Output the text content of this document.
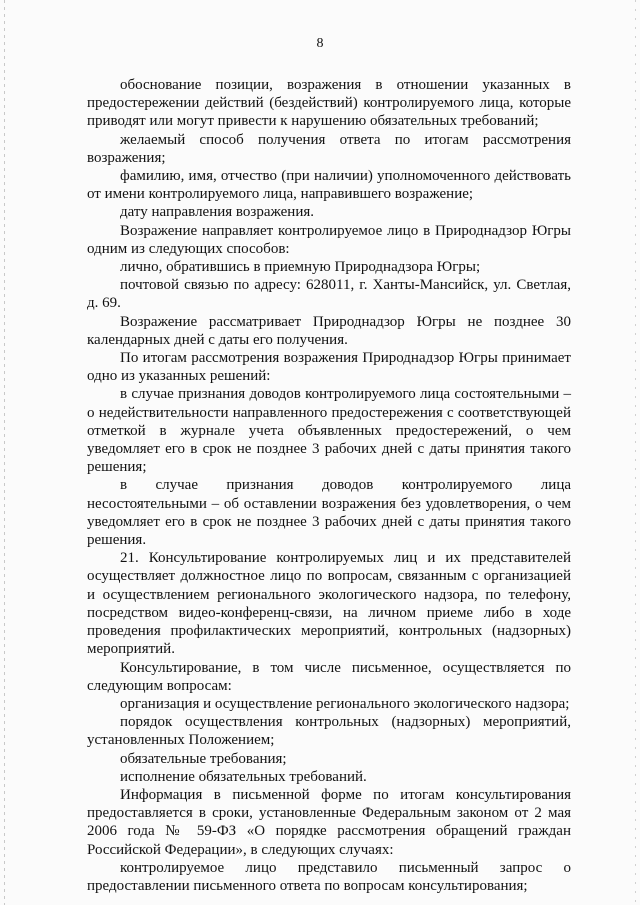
8

обоснование позиции, возражения в отношении указанных в предостережении действий (бездействий) контролируемого лица, которые приводят или могут привести к нарушению обязательных требований;

желаемый способ получения ответа по итогам рассмотрения возражения;

фамилию, имя, отчество (при наличии) уполномоченного действовать от имени контролируемого лица, направившего возражение;

дату направления возражения.

Возражение направляет контролируемое лицо в Природнадзор Югры одним из следующих способов:

лично, обратившись в приемную Природнадзора Югры;

почтовой связью по адресу: 628011, г. Ханты-Мансийск, ул. Светлая, д. 69.

Возражение рассматривает Природнадзор Югры не позднее 30 календарных дней с даты его получения.

По итогам рассмотрения возражения Природнадзор Югры принимает одно из указанных решений:

в случае признания доводов контролируемого лица состоятельными – о недействительности направленного предостережения с соответствующей отметкой в журнале учета объявленных предостережений, о чем уведомляет его в срок не позднее 3 рабочих дней с даты принятия такого решения;

в случае признания доводов контролируемого лица несостоятельными – об оставлении возражения без удовлетворения, о чем уведомляет его в срок не позднее 3 рабочих дней с даты принятия такого решения.

21. Консультирование контролируемых лиц и их представителей осуществляет должностное лицо по вопросам, связанным с организацией и осуществлением регионального экологического надзора, по телефону, посредством видео-конференц-связи, на личном приеме либо в ходе проведения профилактических мероприятий, контрольных (надзорных) мероприятий.

Консультирование, в том числе письменное, осуществляется по следующим вопросам:

организация и осуществление регионального экологического надзора;

порядок осуществления контрольных (надзорных) мероприятий, установленных Положением;

обязательные требования;

исполнение обязательных требований.

Информация в письменной форме по итогам консультирования предоставляется в сроки, установленные Федеральным законом от 2 мая 2006 года № 59-ФЗ «О порядке рассмотрения обращений граждан Российской Федерации», в следующих случаях:

контролируемое лицо представило письменный запрос о предоставлении письменного ответа по вопросам консультирования;
